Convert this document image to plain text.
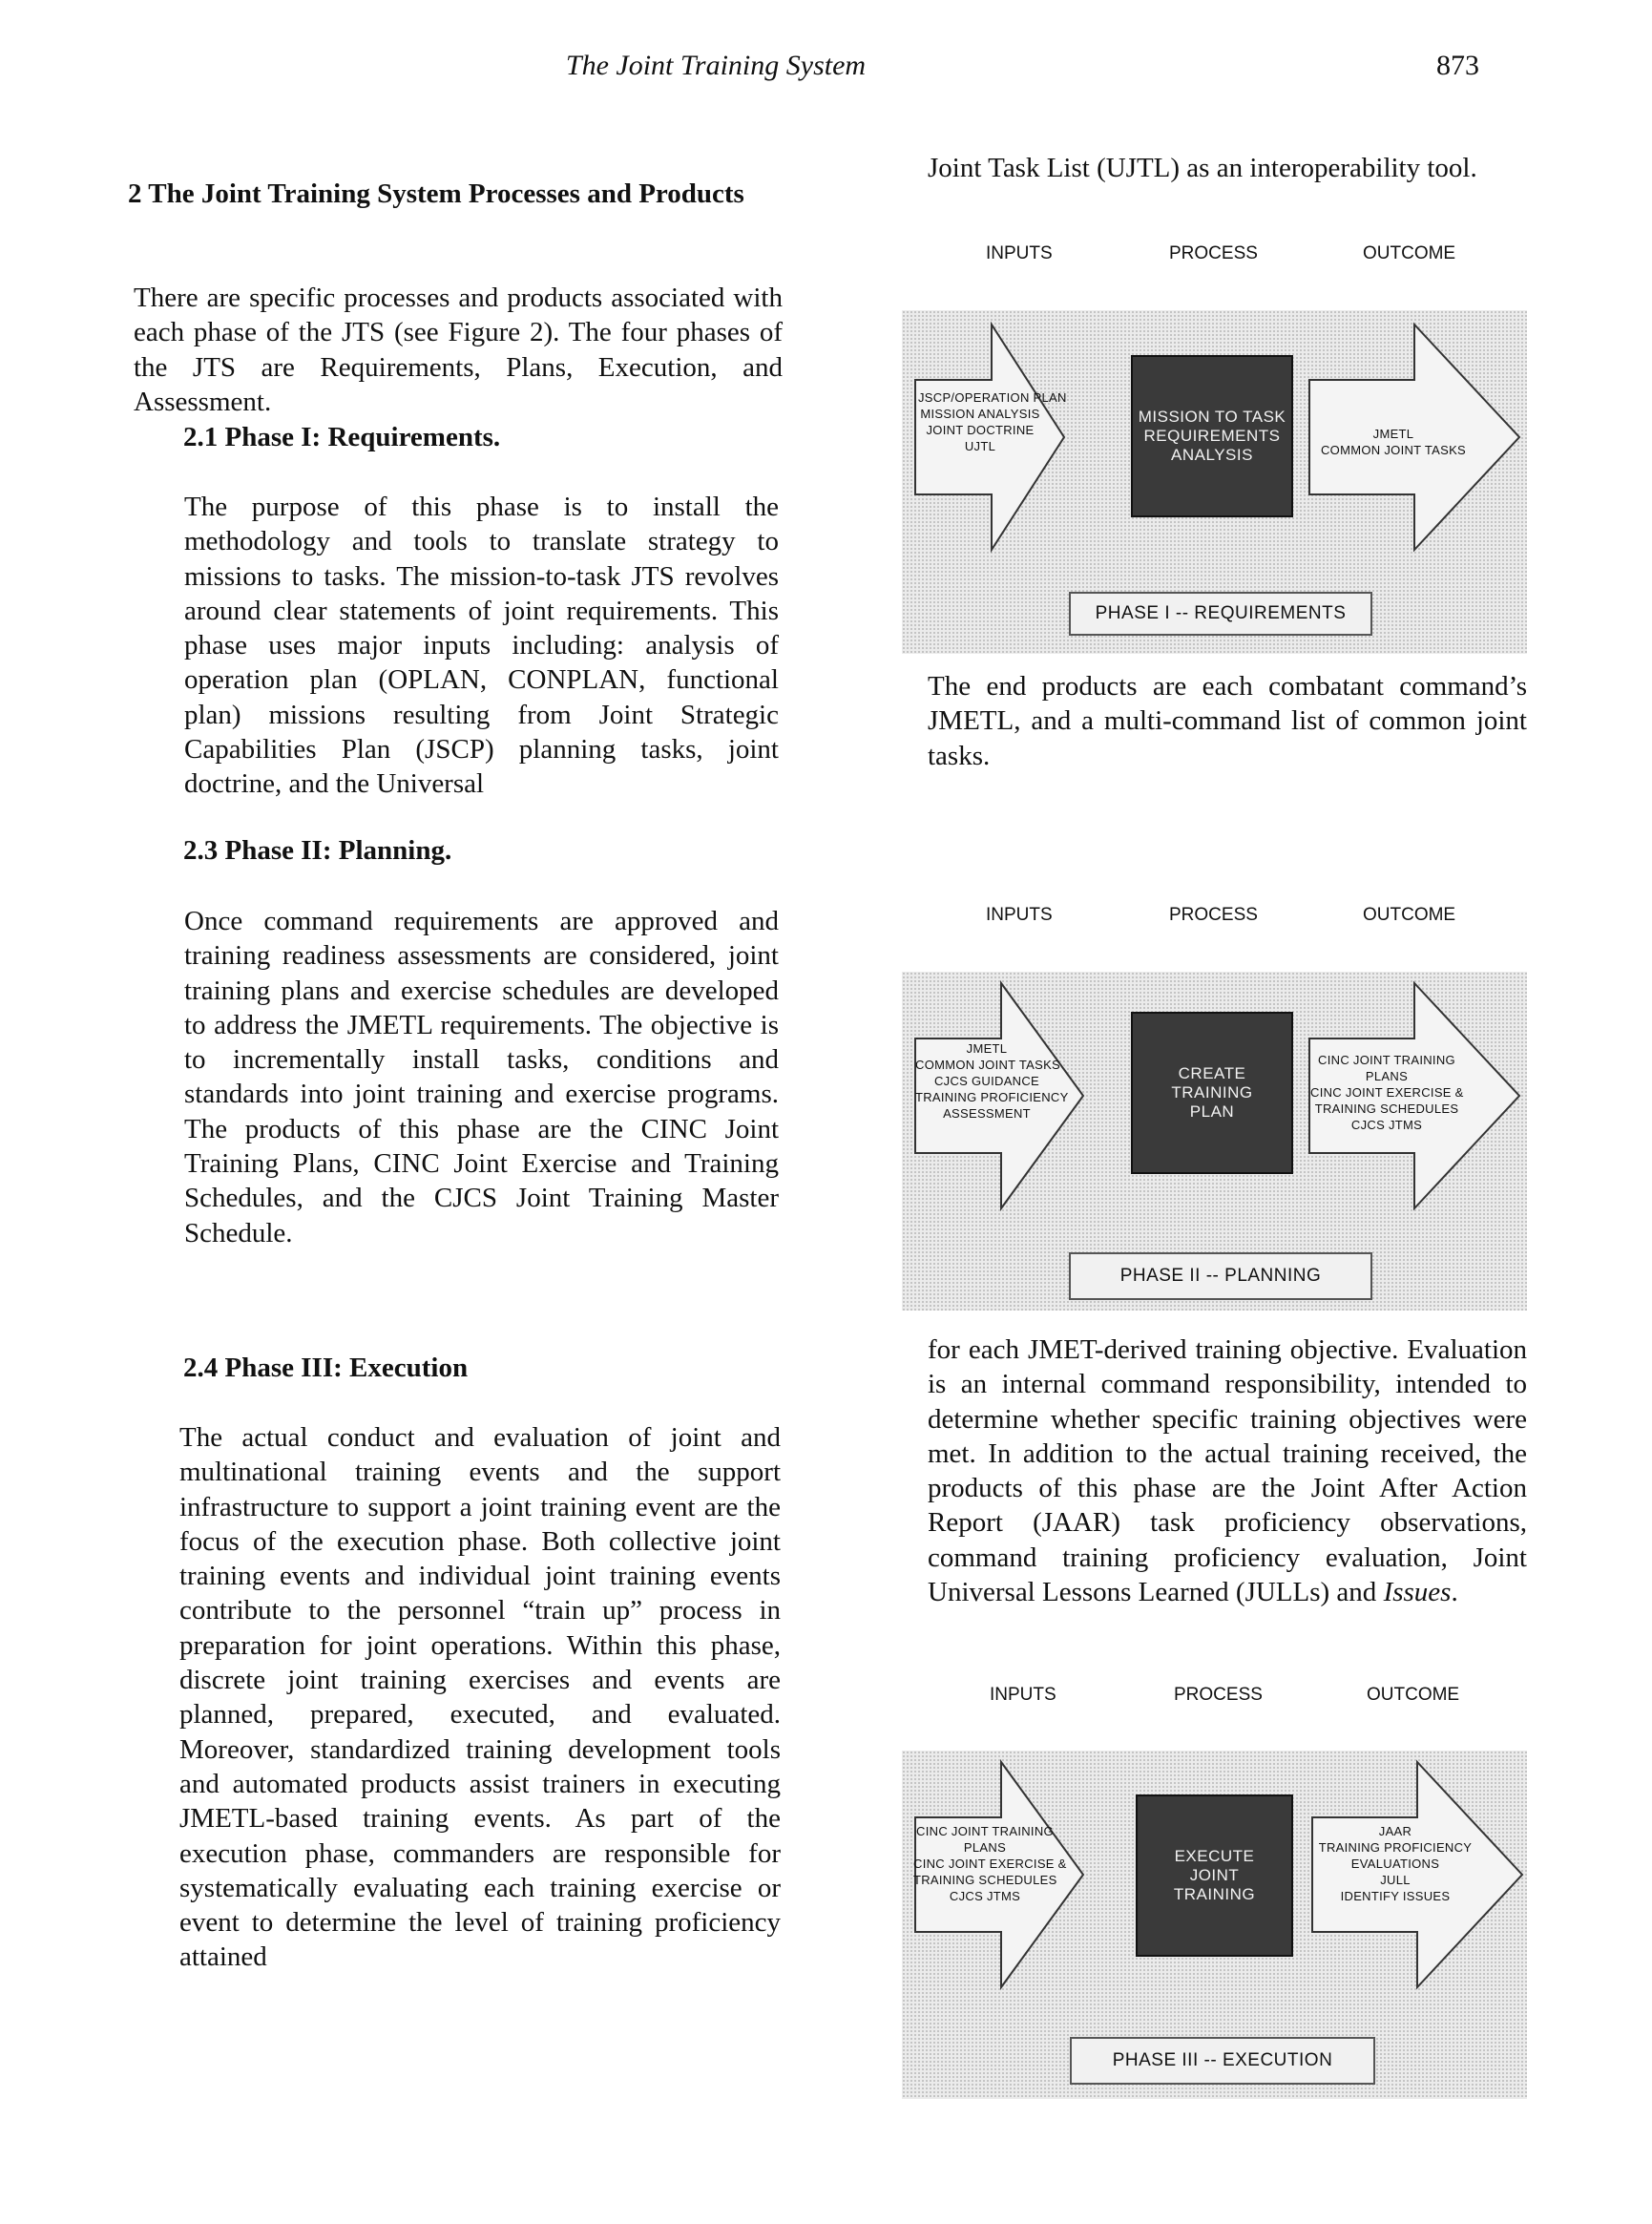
The Joint Training System	873
2 The Joint Training System Processes and Products
There are specific processes and products associated with each phase of the JTS (see Figure 2). The four phases of the JTS are Requirements, Plans, Execution, and Assessment.
2.1 Phase I: Requirements.
The purpose of this phase is to install the methodology and tools to translate strategy to missions to tasks. The mission-to-task JTS revolves around clear statements of joint requirements. This phase uses major inputs including: analysis of operation plan (OPLAN, CONPLAN, functional plan) missions resulting from Joint Strategic Capabilities Plan (JSCP) planning tasks, joint doctrine, and the Universal
2.3 Phase II: Planning.
Once command requirements are approved and training readiness assessments are considered, joint training plans and exercise schedules are developed to address the JMETL requirements. The objective is to incrementally install tasks, conditions and standards into joint training and exercise programs. The products of this phase are the CINC Joint Training Plans, CINC Joint Exercise and Training Schedules, and the CJCS Joint Training Master Schedule.
2.4 Phase III: Execution
The actual conduct and evaluation of joint and multinational training events and the support infrastructure to support a joint training event are the focus of the execution phase. Both collective joint training events and individual joint training events contribute to the personnel “train up” process in preparation for joint operations. Within this phase, discrete joint training exercises and events are planned, prepared, executed, and evaluated. Moreover, standardized training development tools and automated products assist trainers in executing JMETL-based training events. As part of the execution phase, commanders are responsible for systematically evaluating each training exercise or event to determine the level of training proficiency attained
Joint Task List (UJTL) as an interoperability tool.
INPUTS	PROCESS	OUTCOME
JSCP/OPERATION PLAN
MISSION ANALYSIS
JOINT DOCTRINE
UJTL
MISSION TO TASK
REQUIREMENTS
ANALYSIS
JMETL
COMMON JOINT TASKS
PHASE I -- REQUIREMENTS
The end products are each combatant command’s JMETL, and a multi-command list of common joint tasks.
INPUTS	PROCESS	OUTCOME
JMETL
COMMON JOINT TASKS
CJCS GUIDANCE
TRAINING PROFICIENCY
ASSESSMENT
CREATE
TRAINING
PLAN
CINC JOINT TRAINING
PLANS
CINC JOINT EXERCISE &
TRAINING SCHEDULES
CJCS JTMS
PHASE II -- PLANNING
for each JMET-derived training objective. Evaluation is an internal command responsibility, intended to determine whether specific training objectives were met. In addition to the actual training received, the products of this phase are the Joint After Action Report (JAAR) task proficiency observations, command training proficiency evaluation, Joint Universal Lessons Learned (JULLs) and Issues.
INPUTS	PROCESS	OUTCOME
CINC JOINT TRAINING
PLANS
CINC JOINT EXERCISE &
TRAINING SCHEDULES
CJCS JTMS
EXECUTE
JOINT
TRAINING
JAAR
TRAINING PROFICIENCY
EVALUATIONS
JULL
IDENTIFY ISSUES
PHASE III -- EXECUTION
